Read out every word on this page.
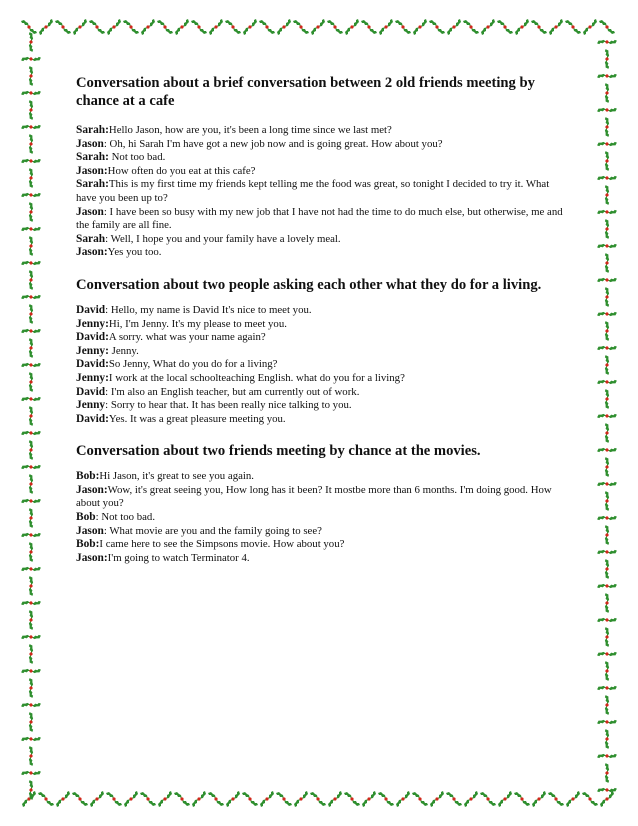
Conversation about a brief conversation between 2 old friends meeting by chance at a cafe

Sarah:Hello Jason, how are you, it's been a long time since we last met?

Jason: Oh, hi Sarah I'm have got a new job now and is going great. How about you?

Sarah: Not too bad.

Jason:How often do you eat at this cafe?

Sarah:This is my first time my friends kept telling me the food was great, so tonight I decided to try it. What have you been up to?

Jason: I have been so busy with my new job that I have not had the time to do much else, but otherwise, me and the family are all fine.

Sarah: Well, I hope you and your family have a lovely meal.

Jason:Yes you too.

Conversation about two people asking each other what they do for a living.

David: Hello, my name is David It's nice to meet you.

Jenny:Hi, I'm Jenny. It's my please to meet you.

David:A sorry. what was your name again?

Jenny: Jenny.

David:So Jenny, What do you do for a living?

Jenny:I work at the local schoolteaching English. what do you for a living?

David: I'm also an English teacher, but am currently out of work.

Jenny: Sorry to hear that. It has been really nice talking to you.

David:Yes. It was a great pleasure meeting you.

Conversation about two friends meeting by chance at the movies.

Bob:Hi Jason, it's great to see you again.

Jason:Wow, it's great seeing you, How long has it been? It mostbe more than 6 months. I'm doing good. How about you?

Bob: Not too bad.

Jason: What movie are you and the family going to see?

Bob:I came here to see the Simpsons movie. How about you?

Jason:I'm going to watch Terminator 4.
